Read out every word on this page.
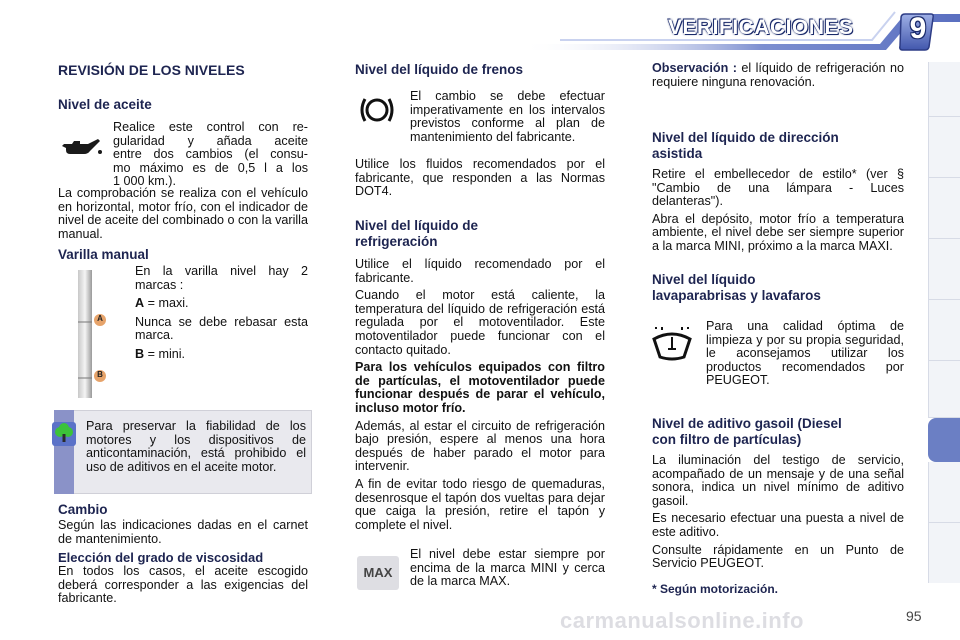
VERIFICACIONES 9
REVISIÓN DE LOS NIVELES
Nivel de aceite
Realice este control con re-
gularidad y añada aceite
entre dos cambios (el consu-
mo máximo es de 0,5 l a los
1 000 km.).

La comprobación se realiza con el vehículo en horizontal, motor frío, con el indicador de nivel de aceite del combinado o con la varilla manual.

Varilla manual
A
B

En la varilla nivel hay 2 marcas :

A = maxi.

Nunca se debe rebasar esta marca.

B = mini.

Para preservar la fiabilidad de los motores y los dispositivos de anticontaminación, está prohibido el uso de aditivos en el aceite motor.

Cambio

Según las indicaciones dadas en el carnet de mantenimiento.

Elección del grado de viscosidad

En todos los casos, el aceite escogido deberá corresponder a las exigencias del fabricante.

Nivel del líquido de frenos

El cambio se debe efectuar imperativamente en los intervalos previstos conforme al plan de mantenimiento del fabricante.

Utilice los fluidos recomendados por el fabricante, que responden a las Normas DOT4.

Nivel del líquido de
refrigeración

Utilice el líquido recomendado por el fabricante.

Cuando el motor está caliente, la temperatura del líquido de refrigeración está regulada por el motoventilador. Este motoventilador puede funcionar con el contacto quitado.

Para los vehículos equipados con filtro de partículas, el motoventilador puede funcionar después de parar el vehículo, incluso motor frío.

Además, al estar el circuito de refrigeración bajo presión, espere al menos una hora después de haber parado el motor para intervenir.

A fin de evitar todo riesgo de quemaduras, desenrosque el tapón dos vueltas para dejar que caiga la presión, retire el tapón y complete el nivel.

MAX

El nivel debe estar siempre por encima de la marca MINI y cerca de la marca MAX.

Observación : el líquido de refrigeración no requiere ninguna renovación.

Nivel del líquido de dirección
asistida

Retire el embellecedor de estilo* (ver § "Cambio de una lámpara - Luces delanteras").

Abra el depósito, motor frío a temperatura ambiente, el nivel debe ser siempre superior a la marca MINI, próximo a la marca MAXI.

Nivel del líquido
lavaparabrisas y lavafaros

Para una calidad óptima de limpieza y por su propia seguridad, le aconsejamos utilizar los productos recomendados por PEUGEOT.

Nivel de aditivo gasoil (Diesel
con filtro de partículas)

La iluminación del testigo de servicio, acompañado de un mensaje y de una señal sonora, indica un nivel mínimo de aditivo gasoil.

Es necesario efectuar una puesta a nivel de este aditivo.

Consulte rápidamente en un Punto de Servicio PEUGEOT.

* Según motorización.
95
carmanualsonline.info
